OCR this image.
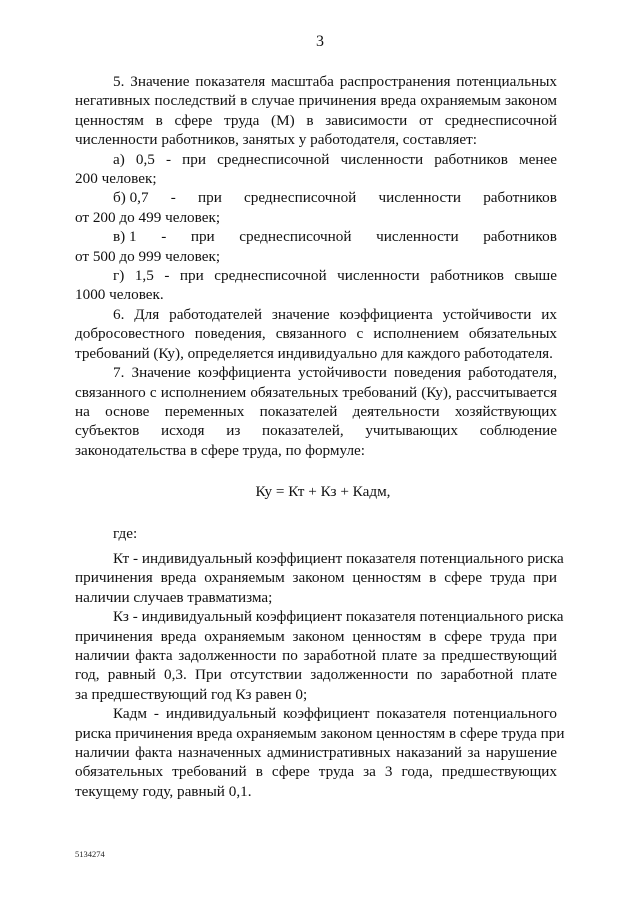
3
5. Значение показателя масштаба распространения потенциальных
негативных последствий в случае причинения вреда охраняемым законом
ценностям в сфере труда (М) в зависимости от среднесписочной
численности работников, занятых у работодателя, составляет:
а) 0,5 - при среднесписочной численности работников менее
200 человек;
б) 0,7 - при среднесписочной численности работников
от 200 до 499 человек;
в) 1 - при среднесписочной численности работников
от 500 до 999 человек;
г) 1,5 - при среднесписочной численности работников свыше
1000 человек.
6. Для работодателей значение коэффициента устойчивости их
добросовестного поведения, связанного с исполнением обязательных
требований (Ку), определяется индивидуально для каждого работодателя.
7. Значение коэффициента устойчивости поведения работодателя,
связанного с исполнением обязательных требований (Ку), рассчитывается
на основе переменных показателей деятельности хозяйствующих
субъектов исходя из показателей, учитывающих соблюдение
законодательства в сфере труда, по формуле:
Ку = Кт + Кз + Кадм,
где:
Кт - индивидуальный коэффициент показателя потенциального риска
причинения вреда охраняемым законом ценностям в сфере труда при
наличии случаев травматизма;
Кз - индивидуальный коэффициент показателя потенциального риска
причинения вреда охраняемым законом ценностям в сфере труда при
наличии факта задолженности по заработной плате за предшествующий
год, равный 0,3. При отсутствии задолженности по заработной плате
за предшествующий год Кз равен 0;
Кадм - индивидуальный коэффициент показателя потенциального
риска причинения вреда охраняемым законом ценностям в сфере труда при
наличии факта назначенных административных наказаний за нарушение
обязательных требований в сфере труда за 3 года, предшествующих
текущему году, равный 0,1.
5134274
